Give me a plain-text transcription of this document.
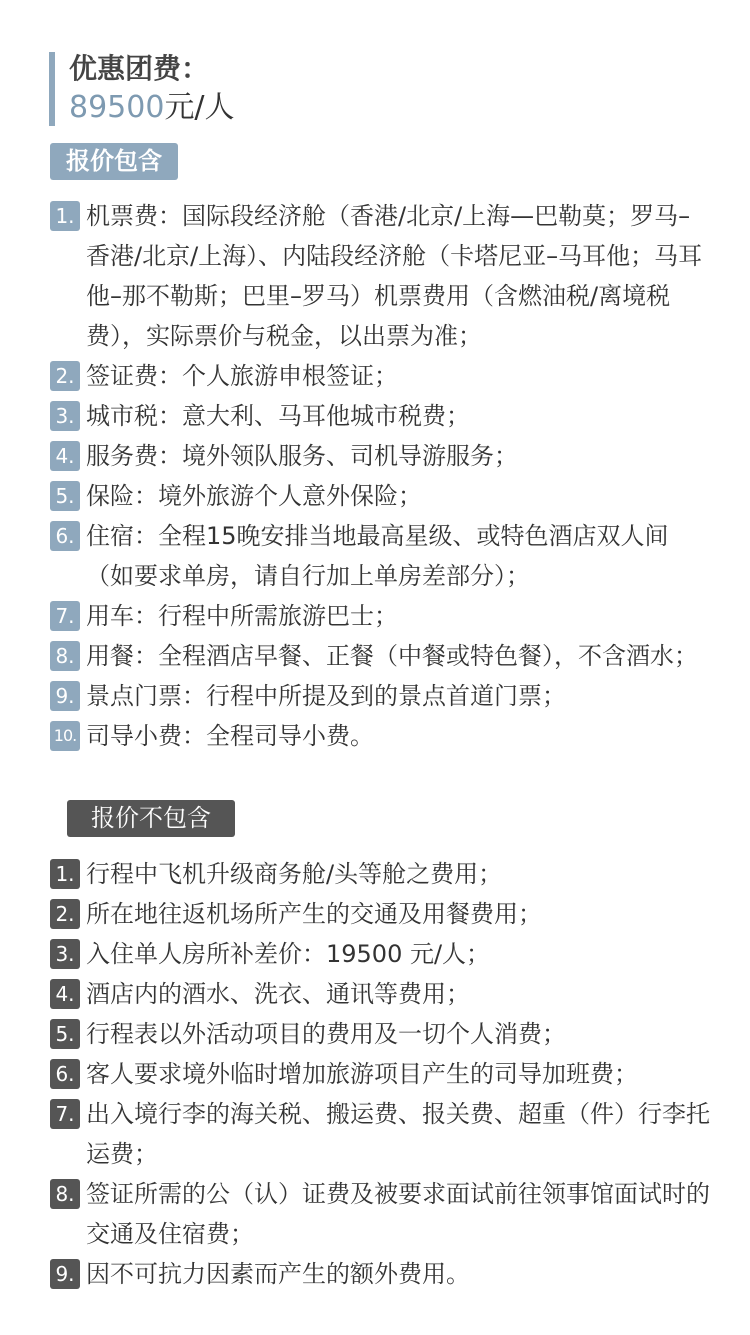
优惠团费：
89500元/人
报价包含
1. 机票费：国际段经济舱（香港/北京/上海—巴勒莫；罗马–香港/北京/上海）、内陆段经济舱（卡塔尼亚–马耳他；马耳他–那不勒斯；巴里–罗马）机票费用（含燃油税/离境税费），实际票价与税金，以出票为准；
2. 签证费：个人旅游申根签证；
3. 城市税：意大利、马耳他城市税费；
4. 服务费：境外领队服务、司机导游服务；
5. 保险：境外旅游个人意外保险；
6. 住宿：全程15晚安排当地最高星级、或特色酒店双人间（如要求单房，请自行加上单房差部分）；
7. 用车：行程中所需旅游巴士；
8. 用餐：全程酒店早餐、正餐（中餐或特色餐），不含酒水；
9. 景点门票：行程中所提及到的景点首道门票；
10. 司导小费：全程司导小费。
报价不包含
1. 行程中飞机升级商务舱/头等舱之费用；
2. 所在地往返机场所产生的交通及用餐费用；
3. 入住单人房所补差价：19500 元/人；
4. 酒店内的酒水、洗衣、通讯等费用；
5. 行程表以外活动项目的费用及一切个人消费；
6. 客人要求境外临时增加旅游项目产生的司导加班费；
7. 出入境行李的海关税、搬运费、报关费、超重（件）行李托运费；
8. 签证所需的公（认）证费及被要求面试前往领事馆面试时的交通及住宿费；
9. 因不可抗力因素而产生的额外费用。
